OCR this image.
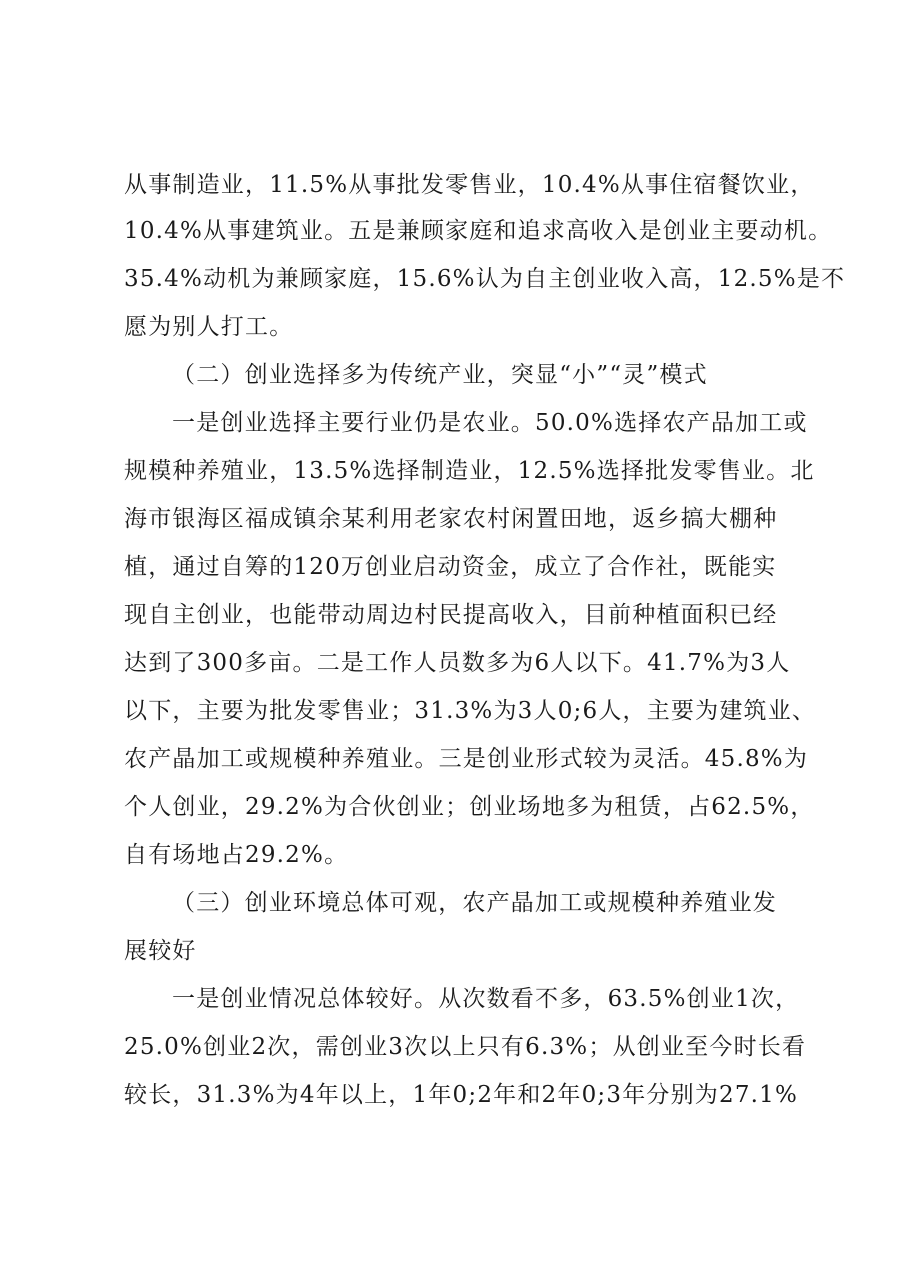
从事制造业，11.5%从事批发零售业，10.4%从事住宿餐饮业，
10.4%从事建筑业。五是兼顾家庭和追求高收入是创业主要动机。
35.4%动机为兼顾家庭，15.6%认为自主创业收入高，12.5%是不
愿为别人打工。
（二）创业选择多为传统产业，突显“小”“灵”模式
一是创业选择主要行业仍是农业。50.0%选择农产品加工或
规模种养殖业，13.5%选择制造业，12.5%选择批发零售业。北
海市银海区福成镇余某利用老家农村闲置田地，返乡搞大棚种
植，通过自筹的120万创业启动资金，成立了合作社，既能实
现自主创业，也能带动周边村民提高收入，目前种植面积已经
达到了300多亩。二是工作人员数多为6人以下。41.7%为3人
以下，主要为批发零售业；31.3%为3人0;6人，主要为建筑业、
农产晶加工或规模种养殖业。三是创业形式较为灵活。45.8%为
个人创业，29.2%为合伙创业；创业场地多为租赁，占62.5%，
自有场地占29.2%。
（三）创业环境总体可观，农产晶加工或规模种养殖业发
展较好
一是创业情况总体较好。从次数看不多，63.5%创业1次，
25.0%创业2次，需创业3次以上只有6.3%；从创业至今时长看
较长，31.3%为4年以上，1年0;2年和2年0;3年分别为27.1%
